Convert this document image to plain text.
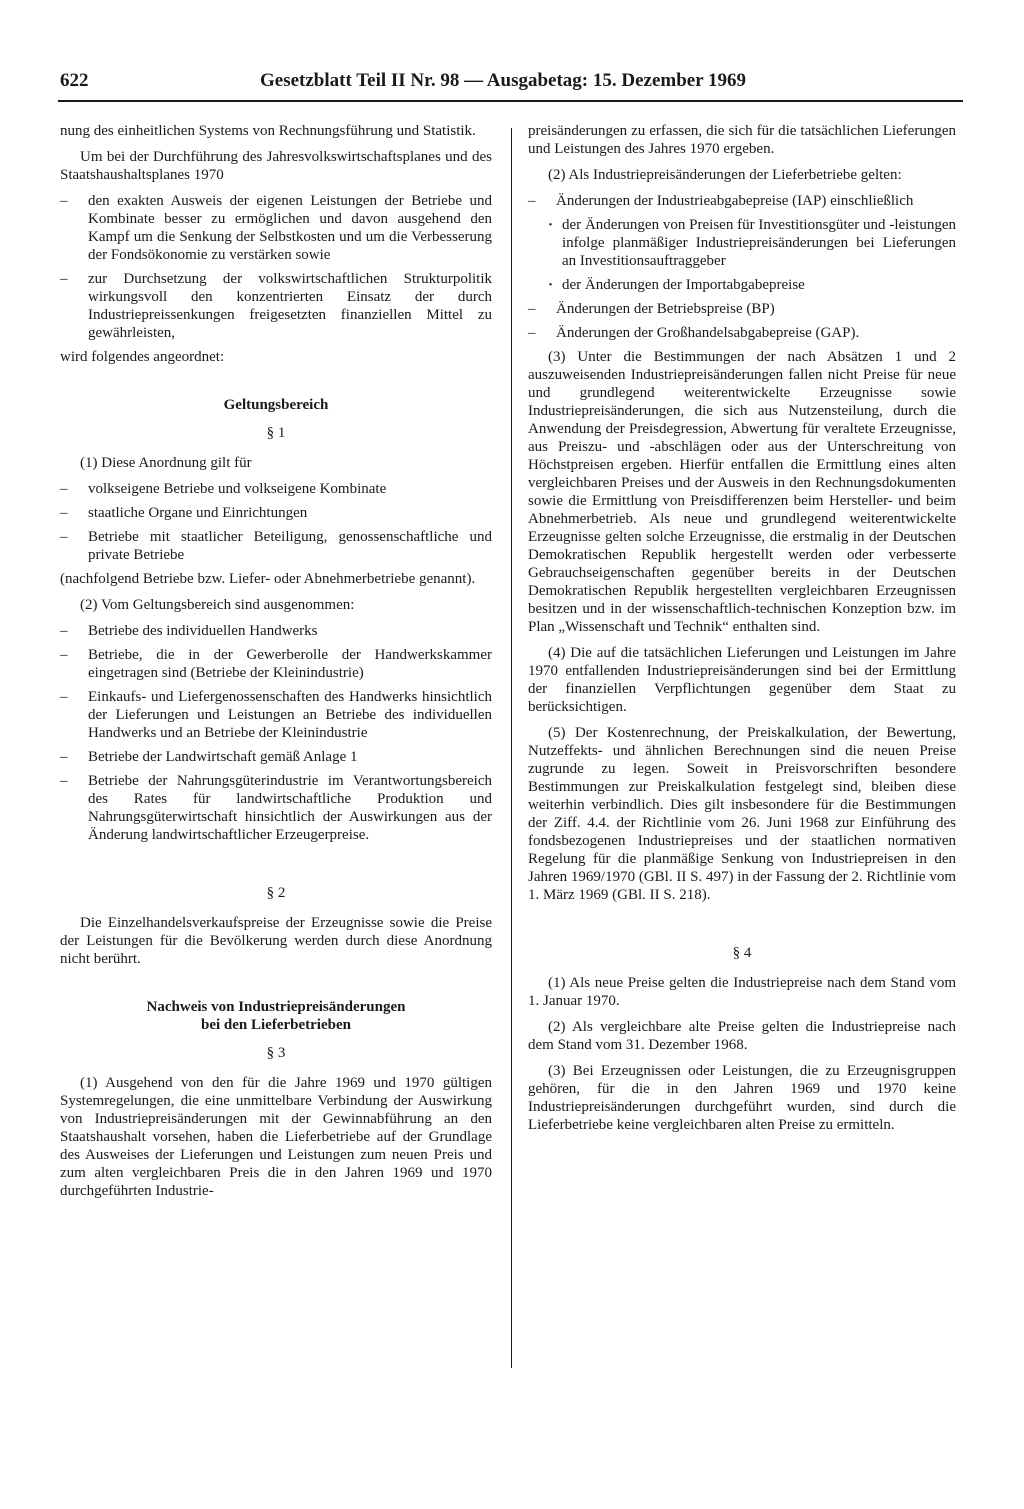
622	Gesetzblatt Teil II Nr. 98 — Ausgabetag: 15. Dezember 1969

nung des einheitlichen Systems von Rechnungsführung und Statistik.

Um bei der Durchführung des Jahresvolkswirtschaftsplanes und des Staatshaushaltsplanes 1970

– den exakten Ausweis der eigenen Leistungen der Betriebe und Kombinate besser zu ermöglichen und davon ausgehend den Kampf um die Senkung der Selbstkosten und um die Verbesserung der Fondsökonomie zu verstärken sowie

– zur Durchsetzung der volkswirtschaftlichen Strukturpolitik wirkungsvoll den konzentrierten Einsatz der durch Industriepreissenkungen freigesetzten finanziellen Mittel zu gewährleisten,

wird folgendes angeordnet:

Geltungsbereich

§ 1

(1) Diese Anordnung gilt für

– volkseigene Betriebe und volkseigene Kombinate

– staatliche Organe und Einrichtungen

– Betriebe mit staatlicher Beteiligung, genossenschaftliche und private Betriebe

(nachfolgend Betriebe bzw. Liefer- oder Abnehmerbetriebe genannt).

(2) Vom Geltungsbereich sind ausgenommen:

– Betriebe des individuellen Handwerks

– Betriebe, die in der Gewerberolle der Handwerkskammer eingetragen sind (Betriebe der Kleinindustrie)

– Einkaufs- und Liefergenossenschaften des Handwerks hinsichtlich der Lieferungen und Leistungen an Betriebe des individuellen Handwerks und an Betriebe der Kleinindustrie

– Betriebe der Landwirtschaft gemäß Anlage 1

– Betriebe der Nahrungsgüterindustrie im Verantwortungsbereich des Rates für landwirtschaftliche Produktion und Nahrungsgüterwirtschaft hinsichtlich der Auswirkungen aus der Änderung landwirtschaftlicher Erzeugerpreise.

§ 2

Die Einzelhandelsverkaufspreise der Erzeugnisse sowie die Preise der Leistungen für die Bevölkerung werden durch diese Anordnung nicht berührt.

Nachweis von Industriepreisänderungen

bei den Lieferbetrieben

§ 3

(1) Ausgehend von den für die Jahre 1969 und 1970 gültigen Systemregelungen, die eine unmittelbare Verbindung der Auswirkung von Industriepreisänderungen mit der Gewinnabführung an den Staatshaushalt vorsehen, haben die Lieferbetriebe auf der Grundlage des Ausweises der Lieferungen und Leistungen zum neuen Preis und zum alten vergleichbaren Preis die in den Jahren 1969 und 1970 durchgeführten Industrie-

preisänderungen zu erfassen, die sich für die tatsächlichen Lieferungen und Leistungen des Jahres 1970 ergeben.

(2) Als Industriepreisänderungen der Lieferbetriebe gelten:

– Änderungen der Industrieabgabepreise (IAP) einschließlich

· der Änderungen von Preisen für Investitionsgüter und -leistungen infolge planmäßiger Industriepreisänderungen bei Lieferungen an Investitionsauftraggeber

· der Änderungen der Importabgabepreise

– Änderungen der Betriebspreise (BP)

– Änderungen der Großhandelsabgabepreise (GAP).

(3) Unter die Bestimmungen der nach Absätzen 1 und 2 auszuweisenden Industriepreisänderungen fallen nicht Preise für neue und grundlegend weiterentwickelte Erzeugnisse sowie Industriepreisänderungen, die sich aus Nutzensteilung, durch die Anwendung der Preisdegression, Abwertung für veraltete Erzeugnisse, aus Preiszu- und -abschlägen oder aus der Unterschreitung von Höchstpreisen ergeben. Hierfür entfallen die Ermittlung eines alten vergleichbaren Preises und der Ausweis in den Rechnungsdokumenten sowie die Ermittlung von Preisdifferenzen beim Hersteller- und beim Abnehmerbetrieb. Als neue und grundlegend weiterentwickelte Erzeugnisse gelten solche Erzeugnisse, die erstmalig in der Deutschen Demokratischen Republik hergestellt werden oder verbesserte Gebrauchseigenschaften gegenüber bereits in der Deutschen Demokratischen Republik hergestellten vergleichbaren Erzeugnissen besitzen und in der wissenschaftlich-technischen Konzeption bzw. im Plan „Wissenschaft und Technik“ enthalten sind.

(4) Die auf die tatsächlichen Lieferungen und Leistungen im Jahre 1970 entfallenden Industriepreisänderungen sind bei der Ermittlung der finanziellen Verpflichtungen gegenüber dem Staat zu berücksichtigen.

(5) Der Kostenrechnung, der Preiskalkulation, der Bewertung, Nutzeffekts- und ähnlichen Berechnungen sind die neuen Preise zugrunde zu legen. Soweit in Preisvorschriften besondere Bestimmungen zur Preiskalkulation festgelegt sind, bleiben diese weiterhin verbindlich. Dies gilt insbesondere für die Bestimmungen der Ziff. 4.4. der Richtlinie vom 26. Juni 1968 zur Einführung des fondsbezogenen Industriepreises und der staatlichen normativen Regelung für die planmäßige Senkung von Industriepreisen in den Jahren 1969/1970 (GBl. II S. 497) in der Fassung der 2. Richtlinie vom 1. März 1969 (GBl. II S. 218).

§ 4

(1) Als neue Preise gelten die Industriepreise nach dem Stand vom 1. Januar 1970.

(2) Als vergleichbare alte Preise gelten die Industriepreise nach dem Stand vom 31. Dezember 1968.

(3) Bei Erzeugnissen oder Leistungen, die zu Erzeugnisgruppen gehören, für die in den Jahren 1969 und 1970 keine Industriepreisänderungen durchgeführt wurden, sind durch die Lieferbetriebe keine vergleichbaren alten Preise zu ermitteln.
